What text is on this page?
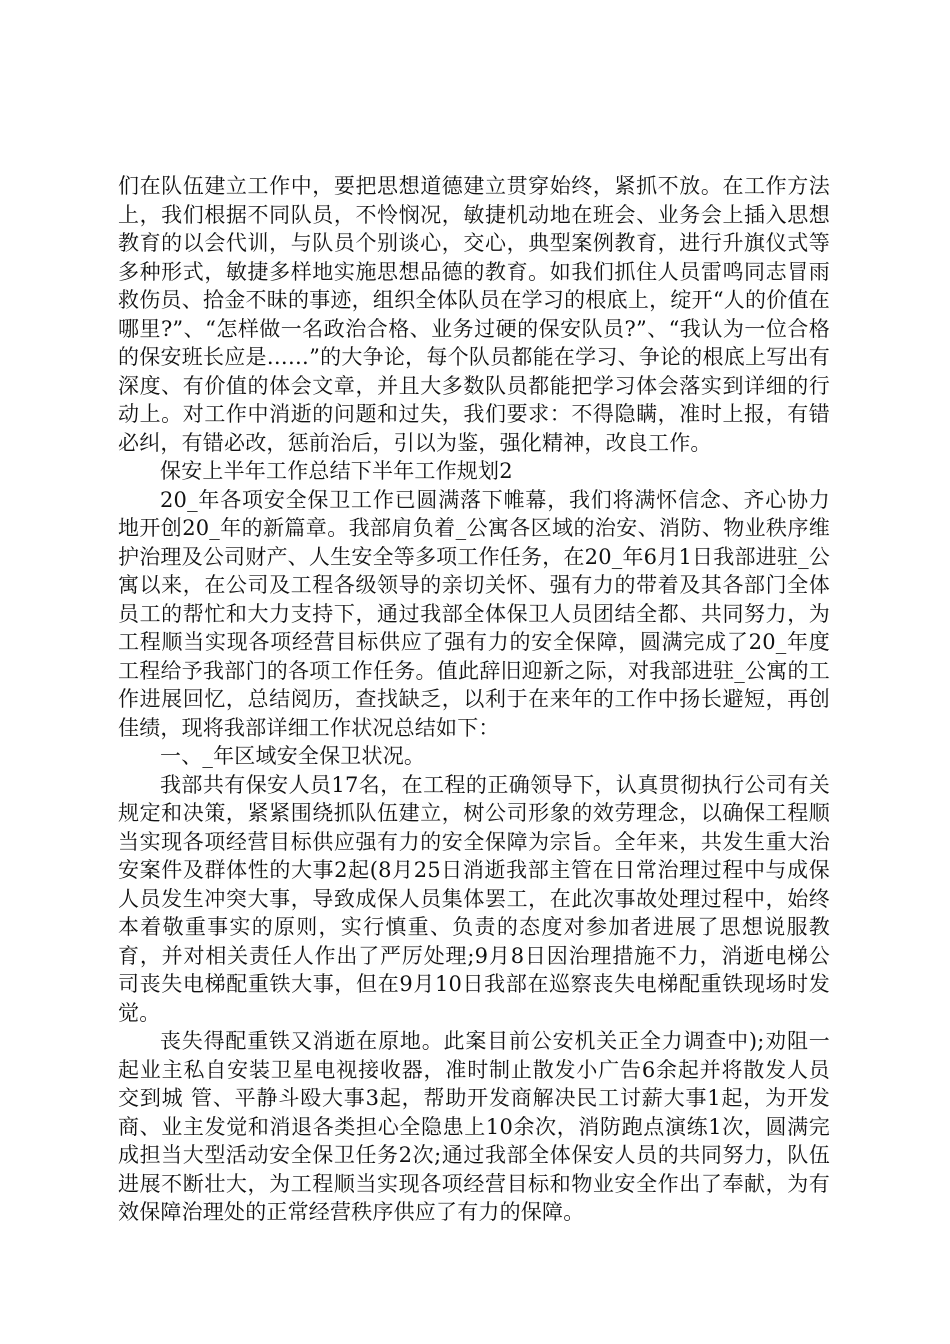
们在队伍建立工作中，要把思想道德建立贯穿始终，紧抓不放。在工作方法上，我们根据不同队员，不怜悯况，敏捷机动地在班会、业务会上插入思想教育的以会代训，与队员个别谈心，交心，典型案例教育，进行升旗仪式等多种形式，敏捷多样地实施思想品德的教育。如我们抓住人员雷鸣同志冒雨救伤员、拾金不昧的事迹，组织全体队员在学习的根底上，绽开“人的价值在哪里?”、“怎样做一名政治合格、业务过硬的保安队员?”、“我认为一位合格的保安班长应是……”的大争论，每个队员都能在学习、争论的根底上写出有深度、有价值的体会文章，并且大多数队员都能把学习体会落实到详细的行动上。对工作中消逝的问题和过失，我们要求：不得隐瞒，准时上报，有错必纠，有错必改，惩前治后，引以为鉴，强化精神，改良工作。

保安上半年工作总结下半年工作规划2

20_年各项安全保卫工作已圆满落下帷幕，我们将满怀信念、齐心协力地开创20_年的新篇章。我部肩负着_公寓各区域的治安、消防、物业秩序维护治理及公司财产、人生安全等多项工作任务，在20_年6月1日我部进驻_公寓以来，在公司及工程各级领导的亲切关怀、强有力的带着及其各部门全体员工的帮忙和大力支持下，通过我部全体保卫人员团结全都、共同努力，为工程顺当实现各项经营目标供应了强有力的安全保障，圆满完成了20_年度工程给予我部门的各项工作任务。值此辞旧迎新之际，对我部进驻_公寓的工作进展回忆，总结阅历，查找缺乏，以利于在来年的工作中扬长避短，再创佳绩，现将我部详细工作状况总结如下：

一、_年区域安全保卫状况。

我部共有保安人员17名，在工程的正确领导下，认真贯彻执行公司有关规定和决策，紧紧围绕抓队伍建立，树公司形象的效劳理念，以确保工程顺当实现各项经营目标供应强有力的安全保障为宗旨。全年来，共发生重大治安案件及群体性的大事2起(8月25日消逝我部主管在日常治理过程中与成保人员发生冲突大事，导致成保人员集体罢工，在此次事故处理过程中，始终本着敬重事实的原则，实行慎重、负责的态度对参加者进展了思想说服教育，并对相关责任人作出了严厉处理;9月8日因治理措施不力，消逝电梯公司丧失电梯配重铁大事，但在9月10日我部在巡察丧失电梯配重铁现场时发觉。

丧失得配重铁又消逝在原地。此案目前公安机关正全力调查中);劝阻一起业主私自安装卫星电视接收器，准时制止散发小广告6余起并将散发人员交到城 管、平静斗殴大事3起，帮助开发商解决民工讨薪大事1起，为开发商、业主发觉和消退各类担心全隐患上10余次，消防跑点演练1次，圆满完成担当大型活动安全保卫任务2次;通过我部全体保安人员的共同努力，队伍进展不断壮大，为工程顺当实现各项经营目标和物业安全作出了奉献，为有效保障治理处的正常经营秩序供应了有力的保障。
